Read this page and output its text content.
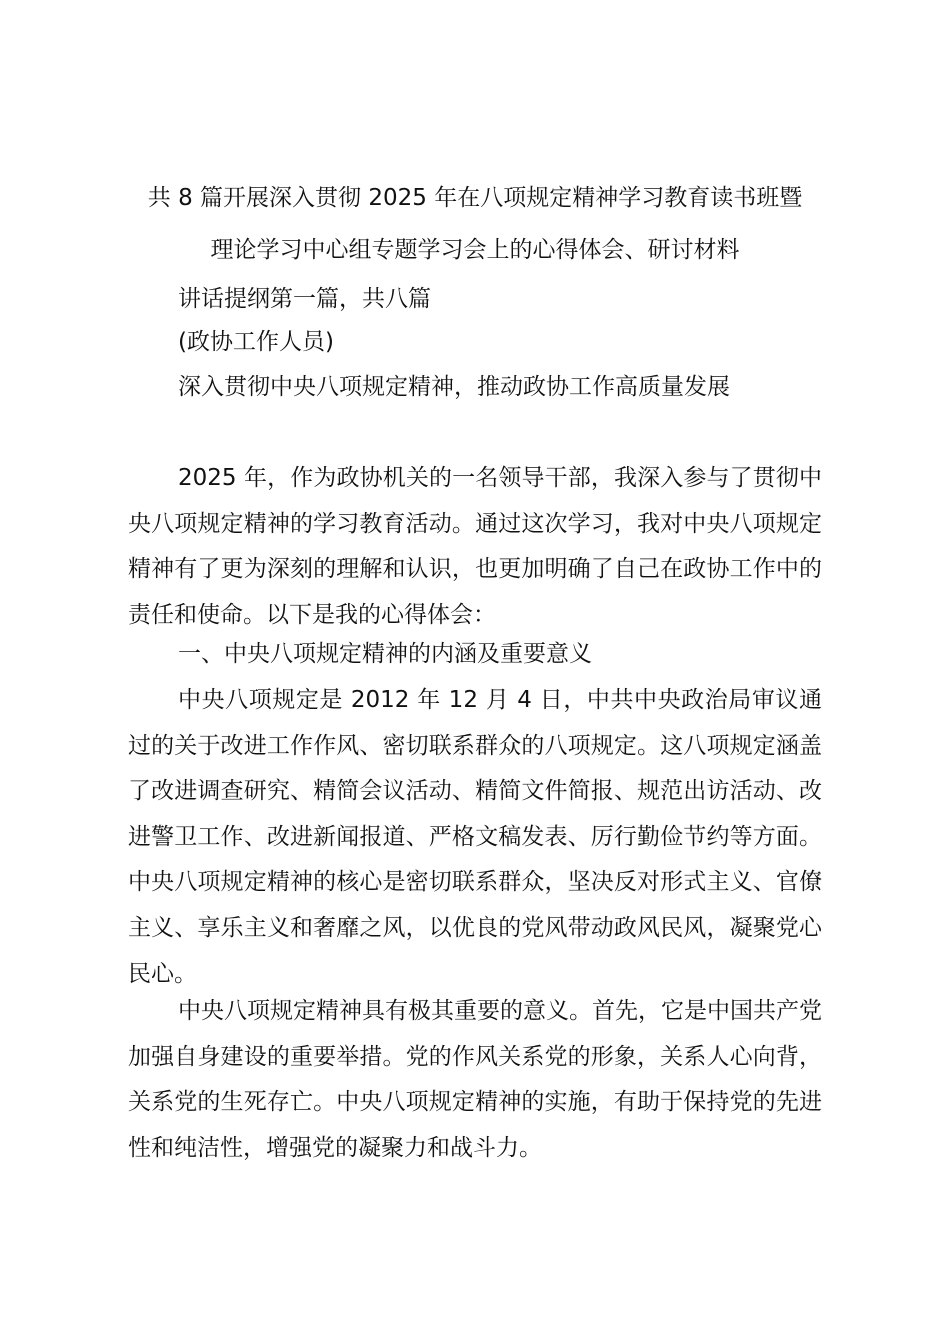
共 8 篇开展深入贯彻 2025 年在八项规定精神学习教育读书班暨
理论学习中心组专题学习会上的心得体会、研讨材料
讲话提纲第一篇，共八篇
(政协工作人员)
深入贯彻中央八项规定精神，推动政协工作高质量发展

2025 年，作为政协机关的一名领导干部，我深入参与了贯彻中央八项规定精神的学习教育活动。通过这次学习，我对中央八项规定精神有了更为深刻的理解和认识，也更加明确了自己在政协工作中的责任和使命。以下是我的心得体会：

一、中央八项规定精神的内涵及重要意义

中央八项规定是 2012 年 12 月 4 日，中共中央政治局审议通过的关于改进工作作风、密切联系群众的八项规定。这八项规定涵盖了改进调查研究、精简会议活动、精简文件简报、规范出访活动、改进警卫工作、改进新闻报道、严格文稿发表、厉行勤俭节约等方面。中央八项规定精神的核心是密切联系群众，坚决反对形式主义、官僚主义、享乐主义和奢靡之风，以优良的党风带动政风民风，凝聚党心民心。

中央八项规定精神具有极其重要的意义。首先，它是中国共产党加强自身建设的重要举措。党的作风关系党的形象，关系人心向背，关系党的生死存亡。中央八项规定精神的实施，有助于保持党的先进性和纯洁性，增强党的凝聚力和战斗力。
